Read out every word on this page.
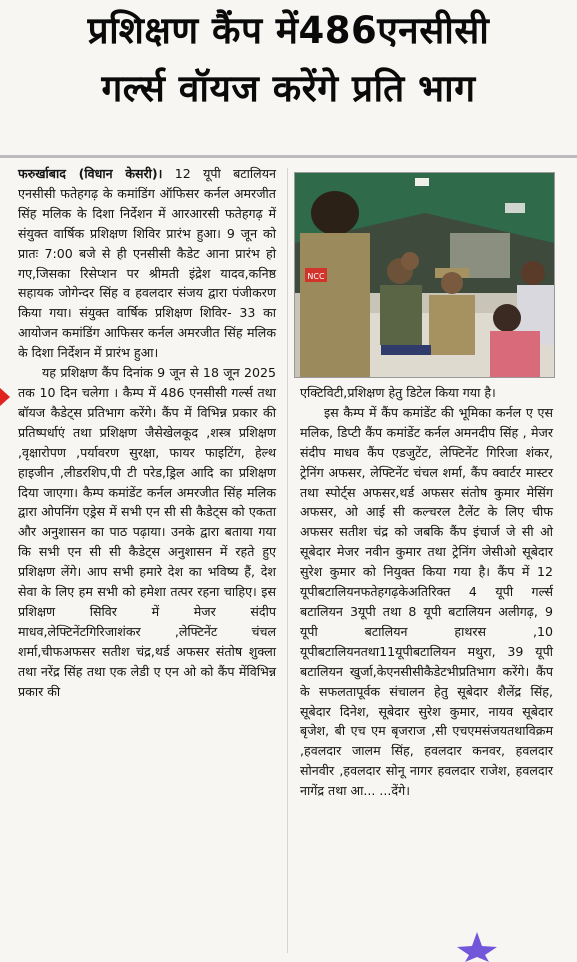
प्रशिक्षण कैंप में486एनसीसी
गर्ल्स वॉयज करेंगे प्रति भाग

फरुर्खाबाद (विधान केसरी)। 12 यूपी बटालियन एनसीसी फतेहगढ़ के कमांडिंग ऑफिसर कर्नल अमरजीत सिंह मलिक के दिशा निर्देशन में आरआरसी फतेहगढ़ में संयुक्त वार्षिक प्रशिक्षण शिविर प्रारंभ हुआ। 9 जून को प्रातः 7:00 बजे से ही एनसीसी कैडेट आना प्रारंभ हो गए,जिसका रिसेप्शन पर श्रीमती इंद्रेश यादव,कनिष्ठ सहायक जोगेन्दर सिंह व हवलदार संजय द्वारा पंजीकरण किया गया। संयुक्त वार्षिक प्रशिक्षण शिविर- 33 का आयोजन कमांडिंग आफिसर कर्नल अमरजीत सिंह मलिक के दिशा निर्देशन में प्रारंभ हुआ।

यह प्रशिक्षण कैंप दिनांक 9 जून से 18 जून 2025 तक 10 दिन चलेगा । कैम्प में 486 एनसीसी गर्ल्स तथा बॉयज कैडेट्स प्रतिभाग करेंगे। कैंप में विभिन्न प्रकार की प्रतिष्पर्धाएं तथा प्रशिक्षण जैसेखेलकूद ,शस्त्र प्रशिक्षण ,वृक्षारोपण ,पर्यावरण सुरक्षा, फायर फाइटिंग, हेल्थ हाइजीन ,लीडरशिप,पी टी परेड,ड्रिल आदि का प्रशिक्षण दिया जाएगा। कैम्प कमांडेंट कर्नल अमरजीत सिंह मलिक द्वारा ओपनिंग एड्रेस में सभी एन सी सी कैडेट्स को एकता और अनुशासन का पाठ पढ़ाया। उनके द्वारा बताया गया कि सभी एन सी सी कैडेट्स अनुशासन में रहते हुए प्रशिक्षण लेंगे। आप सभी हमारे देश का भविष्य हैं, देश सेवा के लिए हम सभी को हमेशा तत्पर रहना चाहिए। इस प्रशिक्षण सिविर में मेजर संदीप माधव,लेफ्टिनेंटगिरिजाशंकर ,लेफ्टिनेंट चंचल शर्मा,चीफअफसर सतीश चंद्र,थर्ड अफसर संतोष शुक्ला तथा नरेंद्र सिंह तथा एक लेडी ए एन ओ को कैंप मेंविभिन्न प्रकार की

NCC

एक्टिविटी,प्रशिक्षण हेतु डिटेल किया गया है।

इस कैम्प में कैंप कमांडेंट की भूमिका कर्नल ए एस मलिक, डिप्टी कैंप कमांडेंट कर्नल अमनदीप सिंह , मेजर संदीप माधव कैंप एडजुटेंट, लेफ्टिनेंट गिरिजा शंकर, ट्रेनिंग अफसर, लेफ्टिनेंट चंचल शर्मा, कैंप क्वार्टर मास्टर तथा स्पोर्ट्स अफसर,थर्ड अफसर संतोष कुमार मेसिंग अफसर, ओ आई सी कल्चरल टैलेंट के लिए चीफ अफसर सतीश चंद्र को जबकि कैंप इंचार्ज जे सी ओ सूबेदार मेजर नवीन कुमार तथा ट्रेनिंग जेसीओ सूबेदार सुरेश कुमार को नियुक्त किया गया है। कैंप में 12 यूपीबटालियनफतेहगढ़केअतिरिक्त 4 यूपी गर्ल्स बटालियन 3यूपी तथा 8 यूपी बटालियन अलीगढ़, 9 यूपी बटालियन हाथरस ,10 यूपीबटालियनतथा11यूपीबटालियन मथुरा, 39 यूपी बटालियन खुर्जा,केएनसीसीकैडेटभीप्रतिभाग करेंगे। कैंप के सफलतापूर्वक संचालन हेतु सूबेदार शैलेंद्र सिंह, सूबेदार दिनेश, सूबेदार सुरेश कुमार, नायव सूबेदार बृजेश, बी एच एम बृजराज ,सी एचएमसंजयतथाविक्रम ,हवलदार जालम सिंह, हवलदार कनवर, हवलदार सोनवीर ,हवलदार सोनू नागर हवलदार राजेश, हवलदार नागेंद्र तथा आ... ...देंगे।
